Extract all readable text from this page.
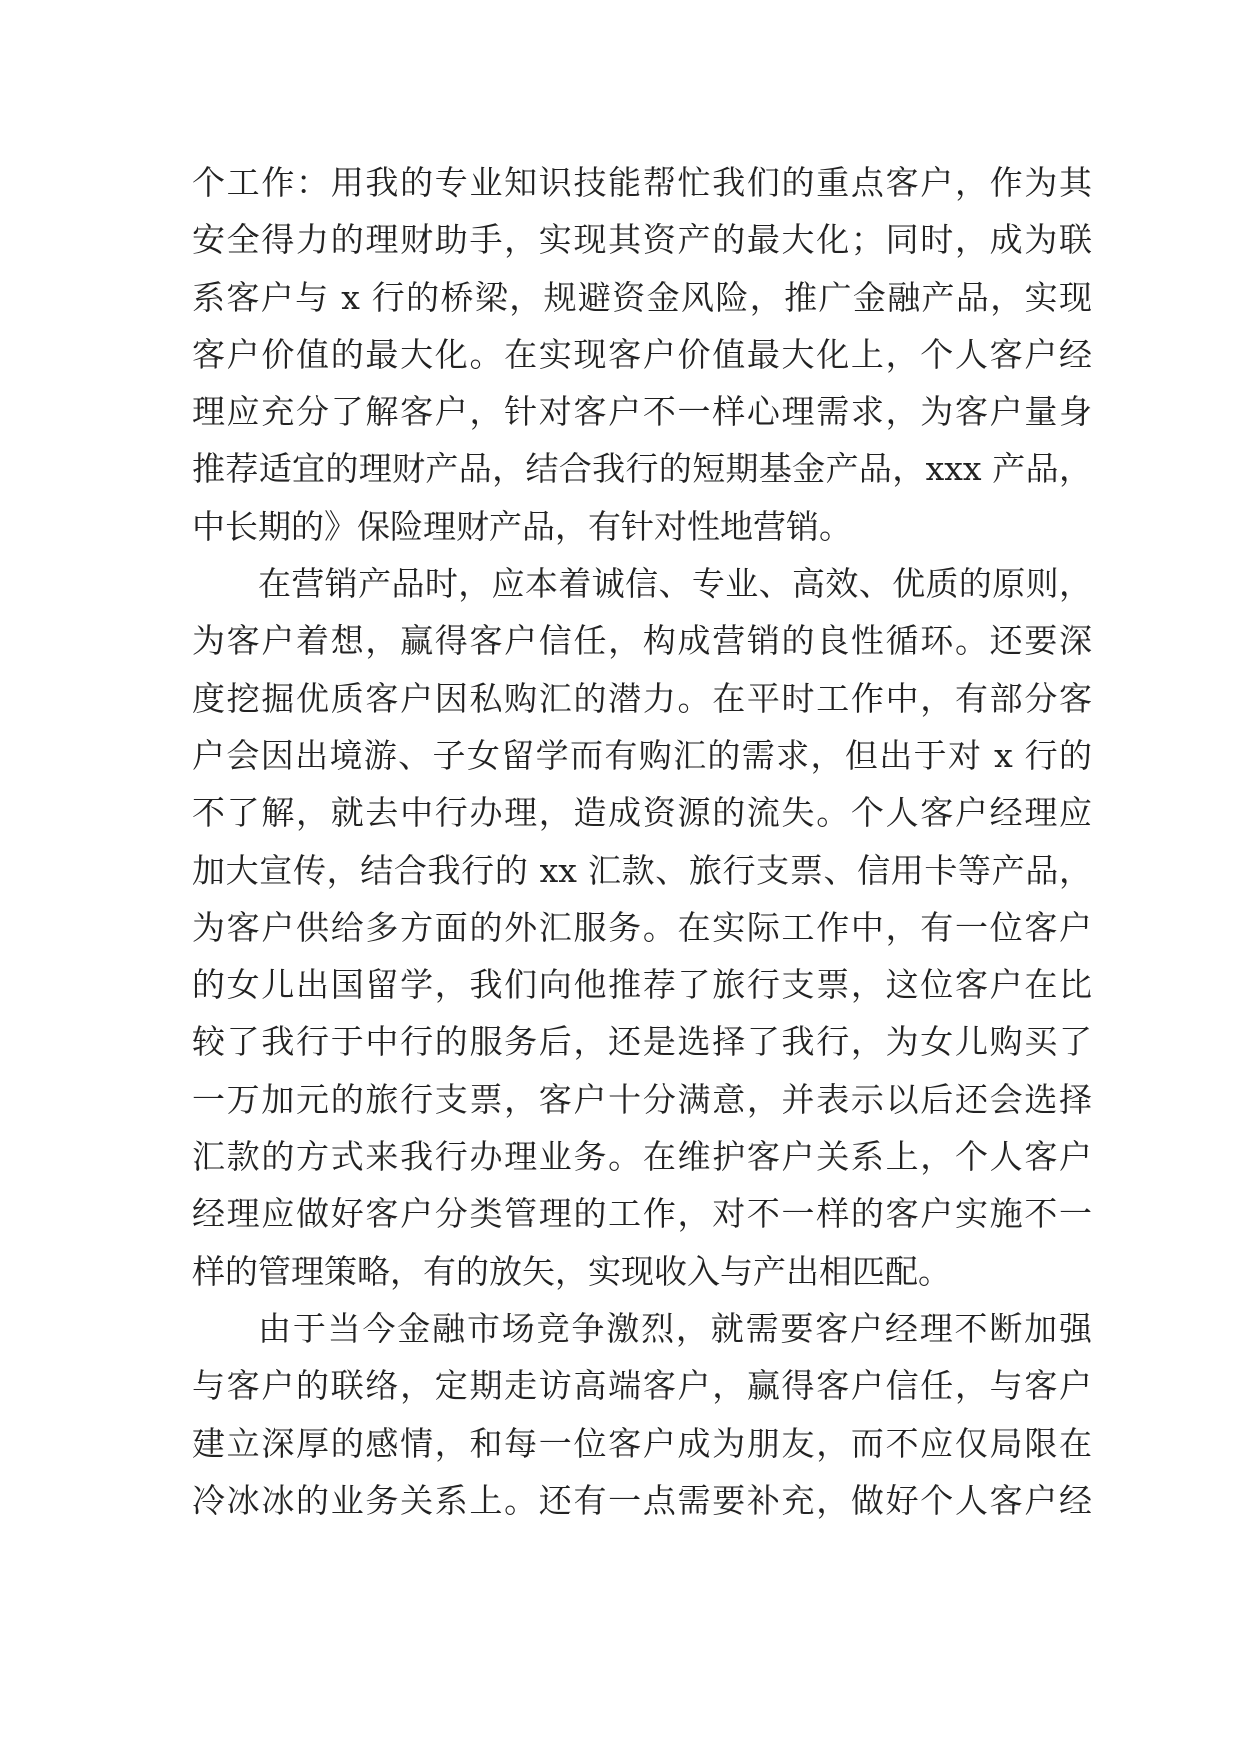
个工作：用我的专业知识技能帮忙我们的重点客户，作为其
安全得力的理财助手，实现其资产的最大化；同时，成为联
系客户与 x 行的桥梁，规避资金风险，推广金融产品，实现
客户价值的最大化。在实现客户价值最大化上，个人客户经
理应充分了解客户，针对客户不一样心理需求，为客户量身
推荐适宜的理财产品，结合我行的短期基金产品，xxx 产品，
中长期的》保险理财产品，有针对性地营销。
在营销产品时，应本着诚信、专业、高效、优质的原则，
为客户着想，赢得客户信任，构成营销的良性循环。还要深
度挖掘优质客户因私购汇的潜力。在平时工作中，有部分客
户会因出境游、子女留学而有购汇的需求，但出于对 x 行的
不了解，就去中行办理，造成资源的流失。个人客户经理应
加大宣传，结合我行的 xx 汇款、旅行支票、信用卡等产品，
为客户供给多方面的外汇服务。在实际工作中，有一位客户
的女儿出国留学，我们向他推荐了旅行支票，这位客户在比
较了我行于中行的服务后，还是选择了我行，为女儿购买了
一万加元的旅行支票，客户十分满意，并表示以后还会选择
汇款的方式来我行办理业务。在维护客户关系上，个人客户
经理应做好客户分类管理的工作，对不一样的客户实施不一
样的管理策略，有的放矢，实现收入与产出相匹配。
由于当今金融市场竞争激烈，就需要客户经理不断加强
与客户的联络，定期走访高端客户，赢得客户信任，与客户
建立深厚的感情，和每一位客户成为朋友，而不应仅局限在
冷冰冰的业务关系上。还有一点需要补充，做好个人客户经
